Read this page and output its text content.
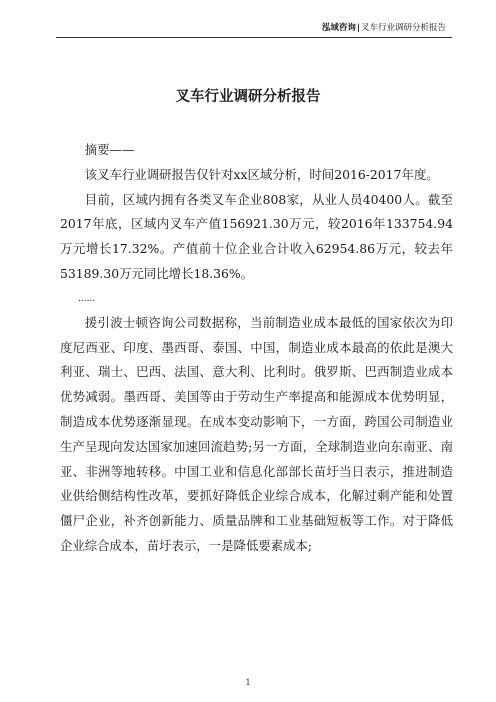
泓域咨询|叉车行业调研分析报告
叉车行业调研分析报告

摘要——

该叉车行业调研报告仅针对xx区域分析，时间2016-2017年度。

目前，区域内拥有各类叉车企业808家，从业人员40400人。截至2017年底，区域内叉车产值156921.30万元，较2016年133754.94万元增长17.32%。产值前十位企业合计收入62954.86万元，较去年53189.30万元同比增长18.36%。

......

援引波士顿咨询公司数据称，当前制造业成本最低的国家依次为印度尼西亚、印度、墨西哥、泰国、中国，制造业成本最高的依此是澳大利亚、瑞士、巴西、法国、意大利、比利时。俄罗斯、巴西制造业成本优势减弱。墨西哥、美国等由于劳动生产率提高和能源成本优势明显，制造成本优势逐渐显现。在成本变动影响下，一方面，跨国公司制造业生产呈现向发达国家加速回流趋势;另一方面，全球制造业向东南亚、南亚、非洲等地转移。中国工业和信息化部部长苗圩当日表示，推进制造业供给侧结构性改革，要抓好降低企业综合成本，化解过剩产能和处置僵尸企业，补齐创新能力、质量品牌和工业基础短板等工作。对于降低企业综合成本，苗圩表示，一是降低要素成本;

1
